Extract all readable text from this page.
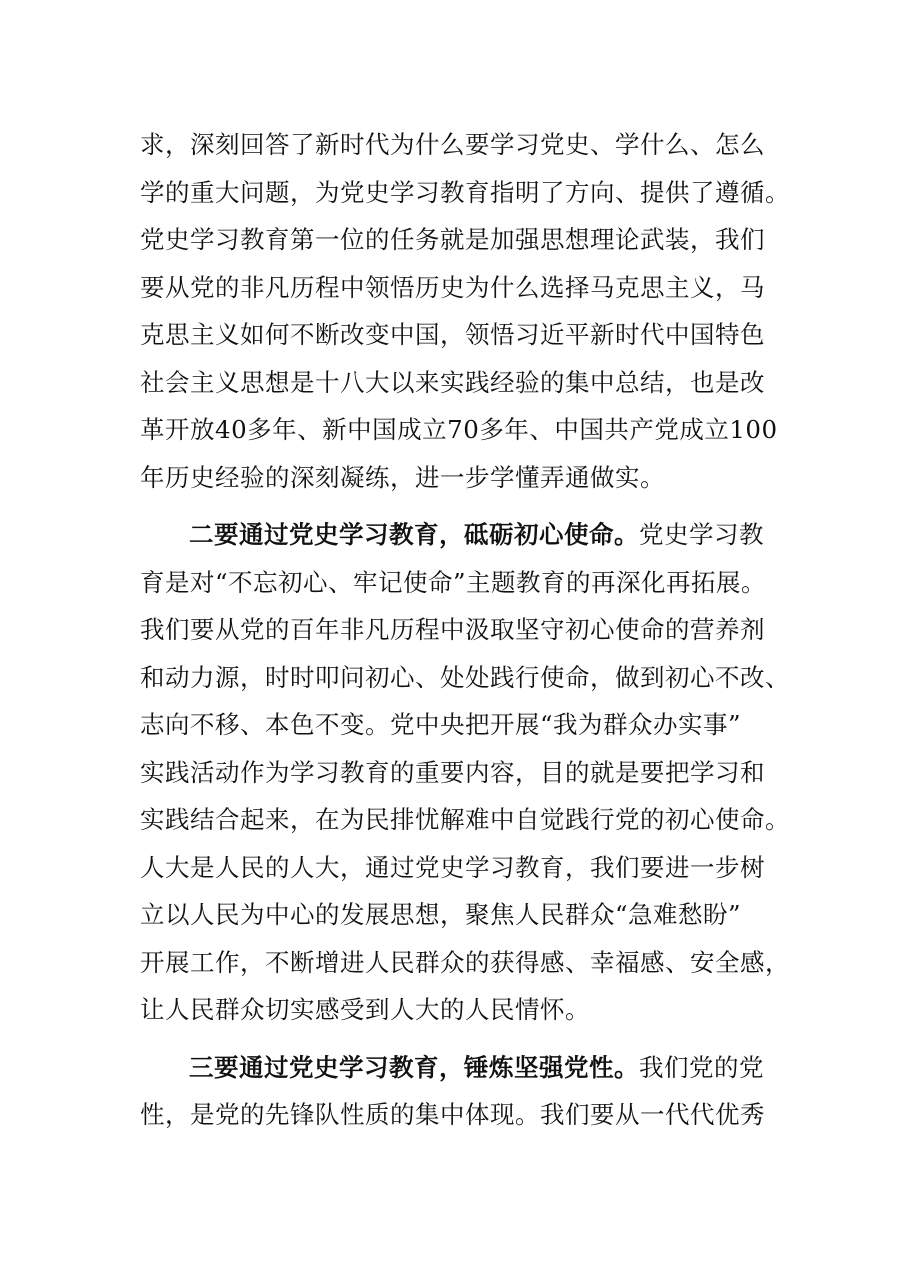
求，深刻回答了新时代为什么要学习党史、学什么、怎么
学的重大问题，为党史学习教育指明了方向、提供了遵循。
党史学习教育第一位的任务就是加强思想理论武装，我们
要从党的非凡历程中领悟历史为什么选择马克思主义，马
克思主义如何不断改变中国，领悟习近平新时代中国特色
社会主义思想是十八大以来实践经验的集中总结，也是改
革开放40多年、新中国成立70多年、中国共产党成立100
年历史经验的深刻凝练，进一步学懂弄通做实。
二要通过党史学习教育，砥砺初心使命。党史学习教
育是对“不忘初心、牢记使命”主题教育的再深化再拓展。
我们要从党的百年非凡历程中汲取坚守初心使命的营养剂
和动力源，时时叩问初心、处处践行使命，做到初心不改、
志向不移、本色不变。党中央把开展“我为群众办实事”
实践活动作为学习教育的重要内容，目的就是要把学习和
实践结合起来，在为民排忧解难中自觉践行党的初心使命。
人大是人民的人大，通过党史学习教育，我们要进一步树
立以人民为中心的发展思想，聚焦人民群众“急难愁盼”
开展工作，不断增进人民群众的获得感、幸福感、安全感，
让人民群众切实感受到人大的人民情怀。
三要通过党史学习教育，锤炼坚强党性。我们党的党
性，是党的先锋队性质的集中体现。我们要从一代代优秀
